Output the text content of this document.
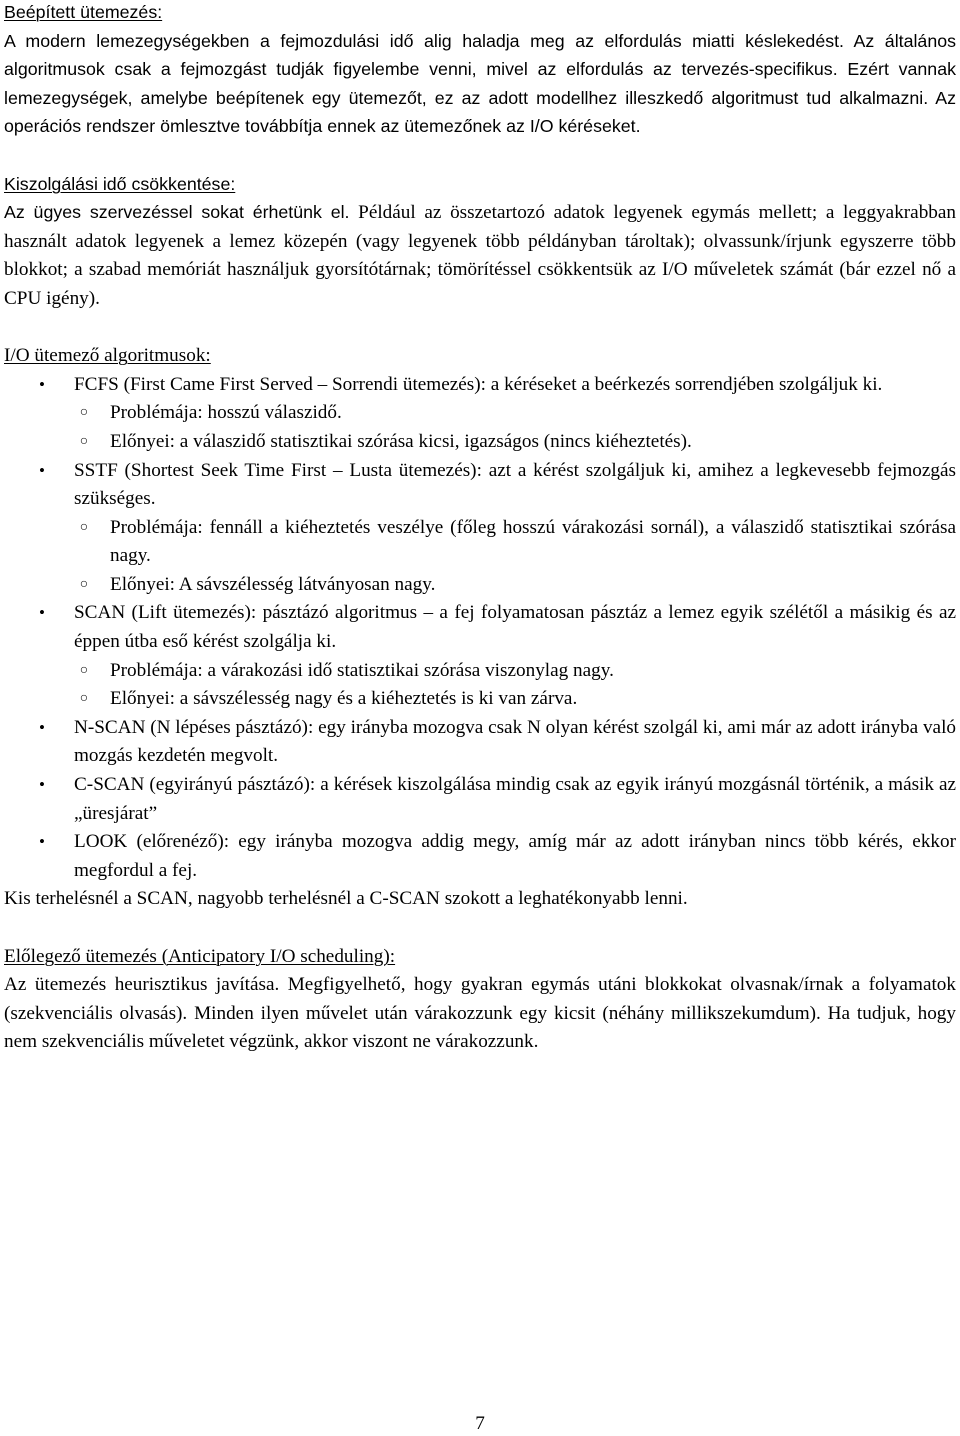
Beépített ütemezés:

A modern lemezegységekben a fejmozdulási idő alig haladja meg az elfordulás miatti késlekedést. Az általános algoritmusok csak a fejmozgást tudják figyelembe venni, mivel az elfordulás az tervezés-specifikus. Ezért vannak lemezegységek, amelybe beépítenek egy ütemezőt, ez az adott modellhez illeszkedő algoritmust tud alkalmazni. Az operációs rendszer ömlesztve továbbítja ennek az ütemezőnek az I/O kéréseket.

Kiszolgálási idő csökkentése:

Az ügyes szervezéssel sokat érhetünk el. Például az összetartozó adatok legyenek egymás mellett; a leggyakrabban használt adatok legyenek a lemez közepén (vagy legyenek több példányban tároltak); olvassunk/írjunk egyszerre több blokkot; a szabad memóriát használjuk gyorsítótárnak; tömörítéssel csökkentsük az I/O műveletek számát (bár ezzel nő a CPU igény).

I/O ütemező algoritmusok:

• FCFS (First Came First Served – Sorrendi ütemezés): a kéréseket a beérkezés sorrendjében szolgáljuk ki.
○ Problémája: hosszú válaszidő.
○ Előnyei: a válaszidő statisztikai szórása kicsi, igazságos (nincs kiéheztetés).
• SSTF (Shortest Seek Time First – Lusta ütemezés): azt a kérést szolgáljuk ki, amihez a legkevesebb fejmozgás szükséges.
○ Problémája: fennáll a kiéheztetés veszélye (főleg hosszú várakozási sornál), a válaszidő statisztikai szórása nagy.
○ Előnyei: A sávszélesség látványosan nagy.
• SCAN (Lift ütemezés): pásztázó algoritmus – a fej folyamatosan pásztáz a lemez egyik szélétől a másikig és az éppen útba eső kérést szolgálja ki.
○ Problémája: a várakozási idő statisztikai szórása viszonylag nagy.
○ Előnyei: a sávszélesség nagy és a kiéheztetés is ki van zárva.
• N-SCAN (N lépéses pásztázó): egy irányba mozogva csak N olyan kérést szolgál ki, ami már az adott irányba való mozgás kezdetén megvolt.
• C-SCAN (egyirányú pásztázó): a kérések kiszolgálása mindig csak az egyik irányú mozgásnál történik, a másik az „üresjárat”
• LOOK (előrenéző): egy irányba mozogva addig megy, amíg már az adott irányban nincs több kérés, ekkor megfordul a fej.

Kis terhelésnél a SCAN, nagyobb terhelésnél a C-SCAN szokott a leghatékonyabb lenni.

Előlegező ütemezés (Anticipatory I/O scheduling):

Az ütemezés heurisztikus javítása. Megfigyelhető, hogy gyakran egymás utáni blokkokat olvasnak/írnak a folyamatok (szekvenciális olvasás). Minden ilyen művelet után várakozzunk egy kicsit (néhány millikszekumdum). Ha tudjuk, hogy nem szekvenciális műveletet végzünk, akkor viszont ne várakozzunk.

7
